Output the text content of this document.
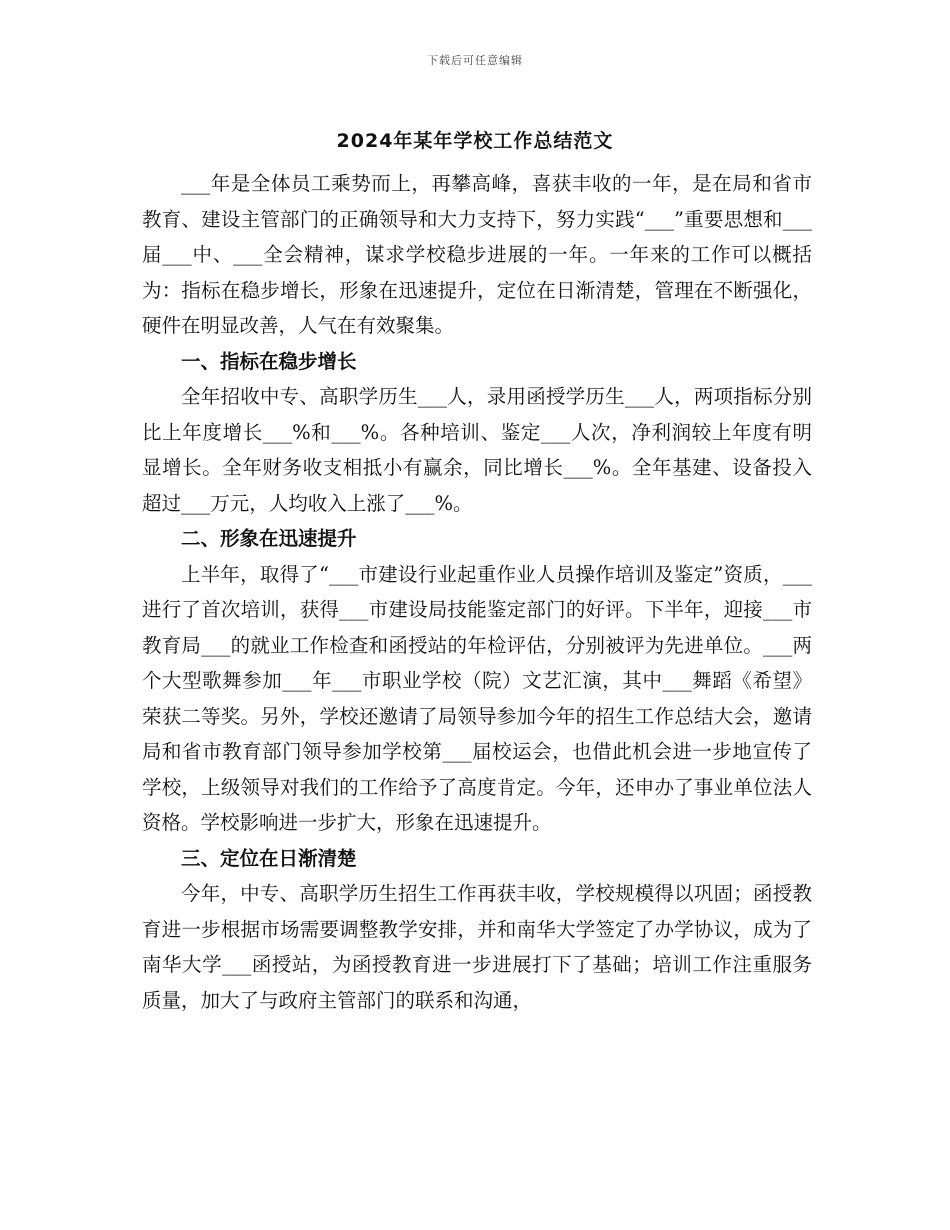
下载后可任意编辑
2024年某年学校工作总结范文

___年是全体员工乘势而上，再攀高峰，喜获丰收的一年，是在局和省市教育、建设主管部门的正确领导和大力支持下，努力实践“___”重要思想和___届___中、___全会精神，谋求学校稳步进展的一年。一年来的工作可以概括为：指标在稳步增长，形象在迅速提升，定位在日渐清楚，管理在不断强化，硬件在明显改善，人气在有效聚集。

一、指标在稳步增长

全年招收中专、高职学历生___人，录用函授学历生___人，两项指标分别比上年度增长___%和___%。各种培训、鉴定___人次，净利润较上年度有明显增长。全年财务收支相抵小有赢余，同比增长___%。全年基建、设备投入超过___万元，人均收入上涨了___%。

二、形象在迅速提升

上半年，取得了“___市建设行业起重作业人员操作培训及鉴定”资质，___进行了首次培训，获得___市建设局技能鉴定部门的好评。下半年，迎接___市教育局___的就业工作检查和函授站的年检评估，分别被评为先进单位。___两个大型歌舞参加___年___市职业学校（院）文艺汇演，其中___舞蹈《希望》荣获二等奖。另外，学校还邀请了局领导参加今年的招生工作总结大会，邀请局和省市教育部门领导参加学校第___届校运会，也借此机会进一步地宣传了学校，上级领导对我们的工作给予了高度肯定。今年，还申办了事业单位法人资格。学校影响进一步扩大，形象在迅速提升。

三、定位在日渐清楚

今年，中专、高职学历生招生工作再获丰收，学校规模得以巩固；函授教育进一步根据市场需要调整教学安排，并和南华大学签定了办学协议，成为了南华大学___函授站，为函授教育进一步进展打下了基础；培训工作注重服务质量，加大了与政府主管部门的联系和沟通，
